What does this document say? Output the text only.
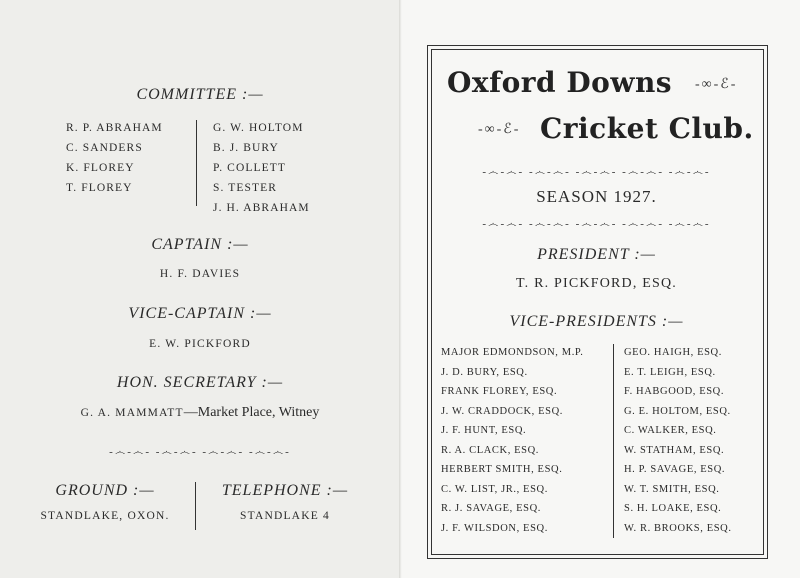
COMMITTEE :—
R. P. ABRAHAM
C. SANDERS
K. FLOREY
T. FLOREY
G. W. HOLTOM
B. J. BURY
P. COLLETT
S. TESTER
J. H. ABRAHAM
CAPTAIN :—
H. F. DAVIES
VICE-CAPTAIN :—
E. W. PICKFORD
HON. SECRETARY :—
G. A. MAMMATT—Market Place, Witney
-෴-෴- -෴-෴- -෴-෴- -෴-෴-
GROUND :—
STANDLAKE, OXON.
TELEPHONE :—
STANDLAKE 4
Oxford Downs -∞-ℰ-
-∞-ℰ- Cricket Club.
-෴-෴- -෴-෴- -෴-෴- -෴-෴- -෴-෴-
SEASON 1927.
-෴-෴- -෴-෴- -෴-෴- -෴-෴- -෴-෴-
PRESIDENT :—
T. R. PICKFORD, ESQ.
VICE-PRESIDENTS :—
MAJOR EDMONDSON, M.P.
J. D. BURY, ESQ.
FRANK FLOREY, ESQ.
J. W. CRADDOCK, ESQ.
J. F. HUNT, ESQ.
R. A. CLACK, ESQ.
HERBERT SMITH, ESQ.
C. W. LIST, JR., ESQ.
R. J. SAVAGE, ESQ.
J. F. WILSDON, ESQ.
GEO. HAIGH, ESQ.
E. T. LEIGH, ESQ.
F. HABGOOD, ESQ.
G. E. HOLTOM, ESQ.
C. WALKER, ESQ.
W. STATHAM, ESQ.
H. P. SAVAGE, ESQ.
W. T. SMITH, ESQ.
S. H. LOAKE, ESQ.
W. R. BROOKS, ESQ.
